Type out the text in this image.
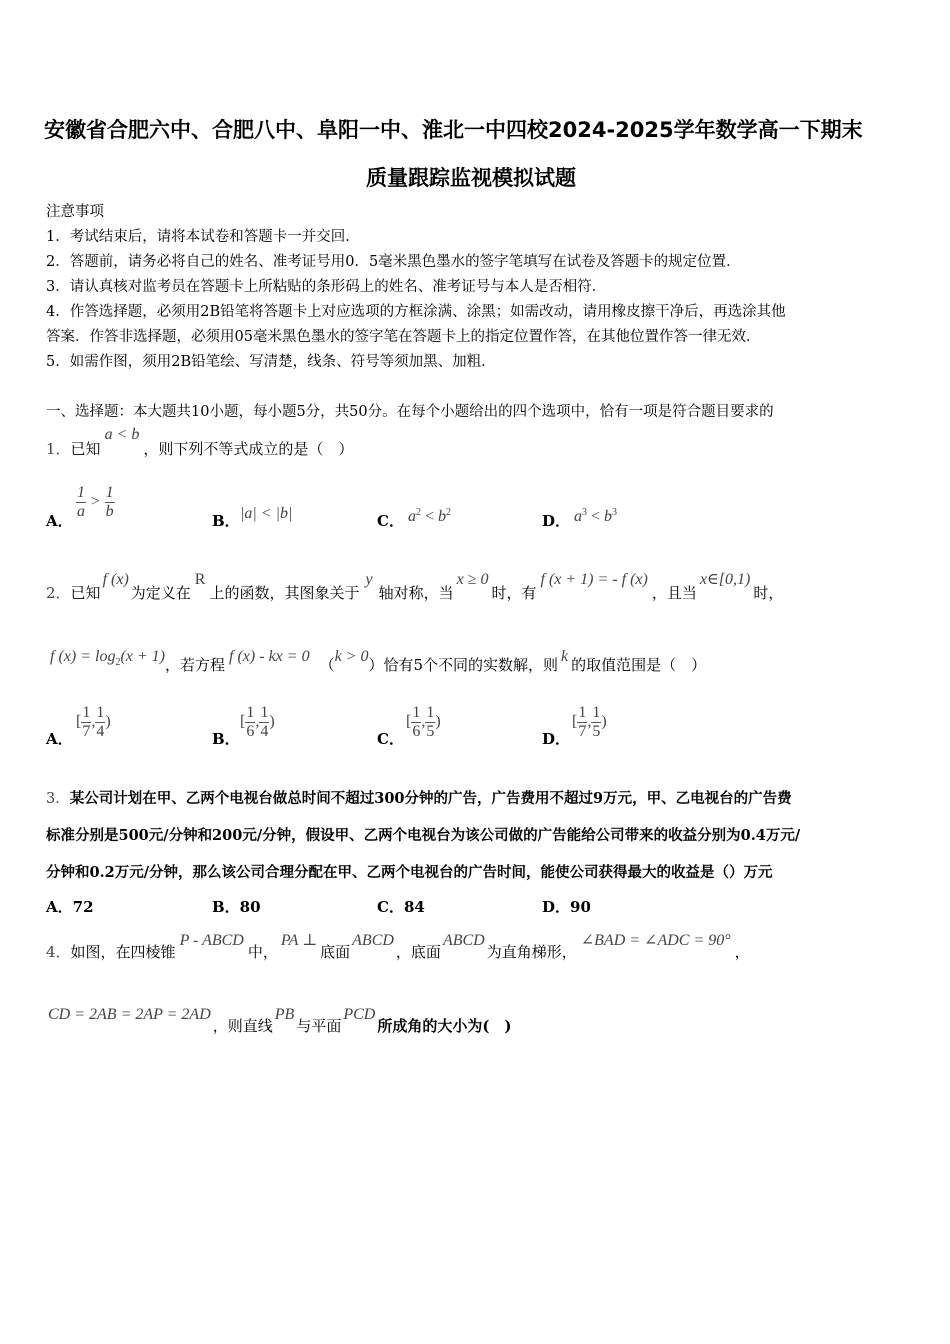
安徽省合肥六中、合肥八中、阜阳一中、淮北一中四校2024-2025学年数学高一下期末
质量跟踪监视模拟试题
注意事项
1．考试结束后，请将本试卷和答题卡一并交回．
2．答题前，请务必将自己的姓名、准考证号用0．5毫米黑色墨水的签字笔填写在试卷及答题卡的规定位置．
3．请认真核对监考员在答题卡上所粘贴的条形码上的姓名、准考证号与本人是否相符．
4．作答选择题，必须用2B铅笔将答题卡上对应选项的方框涂满、涂黑；如需改动，请用橡皮擦干净后，再选涂其他
答案．作答非选择题，必须用05毫米黑色墨水的签字笔在答题卡上的指定位置作答，在其他位置作答一律无效．
5．如需作图，须用2B铅笔绘、写清楚，线条、符号等须加黑、加粗．
一、选择题：本大题共10小题，每小题5分，共50分。在每个小题给出的四个选项中，恰有一项是符合题目要求的
1．已知a < b，则下列不等式成立的是（　）
A．
$\frac{1}{a} > \frac{1}{b}$
B． |a| < |b|	C． $a^2 < b^2$	D． $a^3 < b^3$
2．已知f (x)为定义在R上的函数，其图象关于y轴对称，当x ≥ 0时，有f (x + 1) = - f (x)，且当x∈[0,1)时，
f $(x) = \log_2(x + 1)$，若方程 f (x) - kx = 0 （k > 0）恰有5个不同的实数解，则 k 的取值范围是（　）
A．
[ $\frac{1}{7}$ , $\frac{1}{4}$ )
B．
[ $\frac{1}{6}$ , $\frac{1}{4}$ )
C．
[ $\frac{1}{6}$ , $\frac{1}{5}$ )
D．
[ $\frac{1}{7}$ , $\frac{1}{5}$ )
3．某公司计划在甲、乙两个电视台做总时间不超过300分钟的广告，广告费用不超过9万元，甲、乙电视台的广告费
标准分别是500元/分钟和200元/分钟，假设甲、乙两个电视台为该公司做的广告能给公司带来的收益分别为0.4万元/
分钟和0.2万元/分钟，那么该公司合理分配在甲、乙两个电视台的广告时间，能使公司获得最大的收益是（）万元
A．72	B．80	C．84	D．90
4．如图，在四棱锥P - ABCD中，PA ⊥底面ABCD，底面ABCD为直角梯形，∠BAD = ∠ADC = 90°，
CD = 2AB = 2AP = 2AD，则直线PB与平面PCD所成角的大小为(　)
